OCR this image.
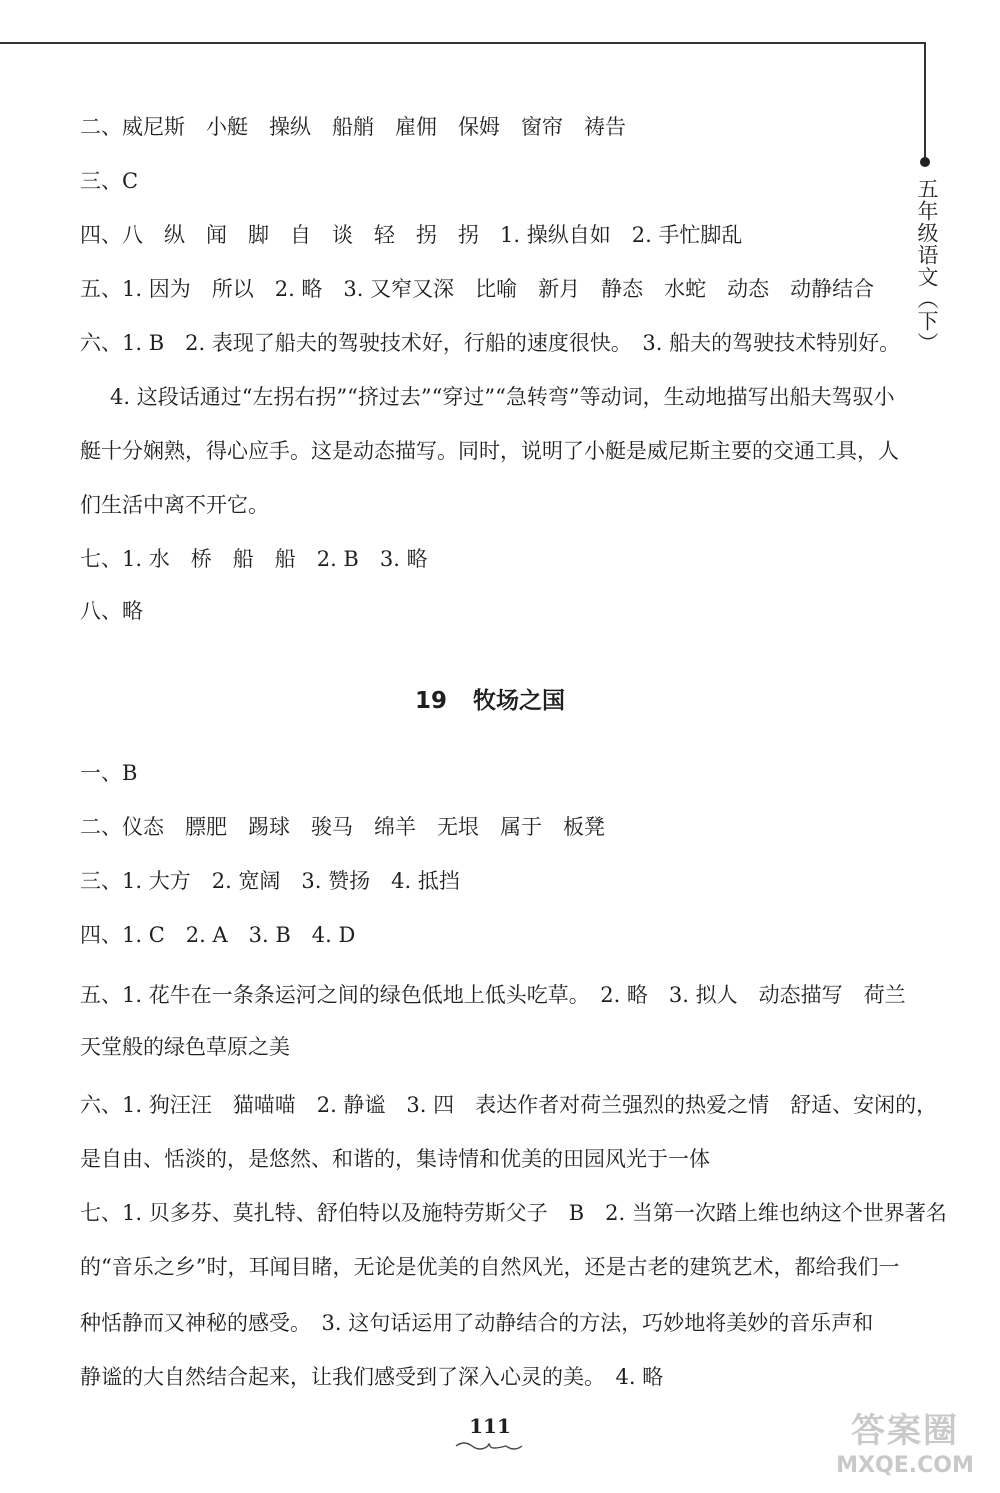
五年级语文（下）
二、威尼斯　小艇　操纵　船艄　雇佣　保姆　窗帘　祷告
三、C
四、八　纵　闻　脚　自　谈　轻　拐　拐　1. 操纵自如　2. 手忙脚乱
五、1. 因为　所以　2. 略　3. 又窄又深　比喻　新月　静态　水蛇　动态　动静结合
六、1. B　2. 表现了船夫的驾驶技术好，行船的速度很快。　3. 船夫的驾驶技术特别好。
4. 这段话通过“左拐右拐”“挤过去”“穿过”“急转弯”等动词，生动地描写出船夫驾驭小
艇十分娴熟，得心应手。这是动态描写。同时，说明了小艇是威尼斯主要的交通工具，人
们生活中离不开它。
七、1. 水　桥　船　船　2. B　3. 略
八、略
19 牧场之国
一、B
二、仪态　膘肥　踢球　骏马　绵羊　无垠　属于　板凳
三、1. 大方　2. 宽阔　3. 赞扬　4. 抵挡
四、1. C　2. A　3. B　4. D
五、1. 花牛在一条条运河之间的绿色低地上低头吃草。　2. 略　3. 拟人　动态描写　荷兰
天堂般的绿色草原之美
六、1. 狗汪汪　猫喵喵　2. 静谧　3. 四　表达作者对荷兰强烈的热爱之情　舒适、安闲的，
是自由、恬淡的，是悠然、和谐的，集诗情和优美的田园风光于一体
七、1. 贝多芬、莫扎特、舒伯特以及施特劳斯父子　B　2. 当第一次踏上维也纳这个世界著名
的“音乐之乡”时，耳闻目睹，无论是优美的自然风光，还是古老的建筑艺术，都给我们一
种恬静而又神秘的感受。　3. 这句话运用了动静结合的方法，巧妙地将美妙的音乐声和
静谧的大自然结合起来，让我们感受到了深入心灵的美。　4. 略
111	答案圈
MXQE.COM
